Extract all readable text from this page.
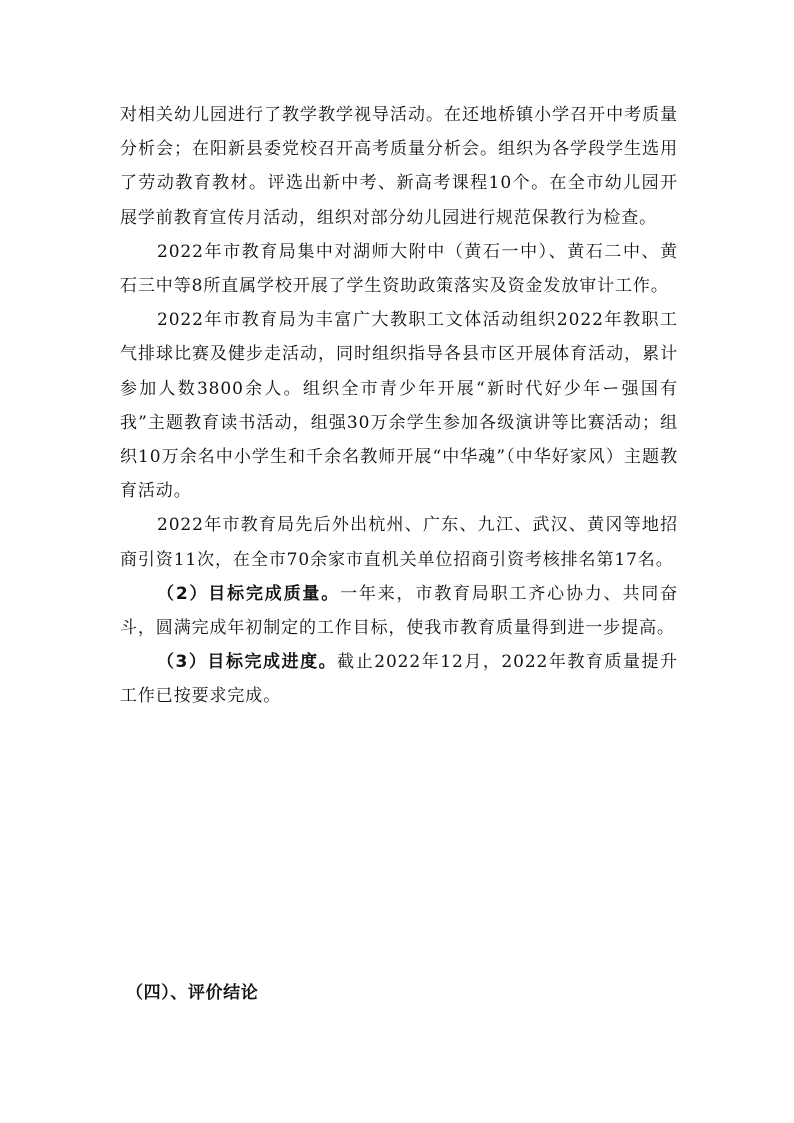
对相关幼儿园进行了教学教学视导活动。在还地桥镇小学召开中考质量分析会；在阳新县委党校召开高考质量分析会。组织为各学段学生选用了劳动教育教材。评选出新中考、新高考课程10个。在全市幼儿园开展学前教育宣传月活动，组织对部分幼儿园进行规范保教行为检查。

2022年市教育局集中对湖师大附中（黄石一中）、黄石二中、黄石三中等8所直属学校开展了学生资助政策落实及资金发放审计工作。

2022年市教育局为丰富广大教职工文体活动组织2022年教职工气排球比赛及健步走活动，同时组织指导各县市区开展体育活动，累计参加人数3800余人。组织全市青少年开展“新时代好少年ー强国有我”主题教育读书活动，组强30万余学生参加各级演讲等比赛活动；组织10万余名中小学生和千余名教师开展“中华魂”（中华好家风）主题教育活动。

2022年市教育局先后外出杭州、广东、九江、武汉、黄冈等地招商引资11次，在全市70余家市直机关单位招商引资考核排名第17名。

（2）目标完成质量。一年来，市教育局职工齐心协力、共同奋斗，圆满完成年初制定的工作目标，使我市教育质量得到进一步提高。

（3）目标完成进度。截止2022年12月，2022年教育质量提升工作已按要求完成。

（四）、评价结论
